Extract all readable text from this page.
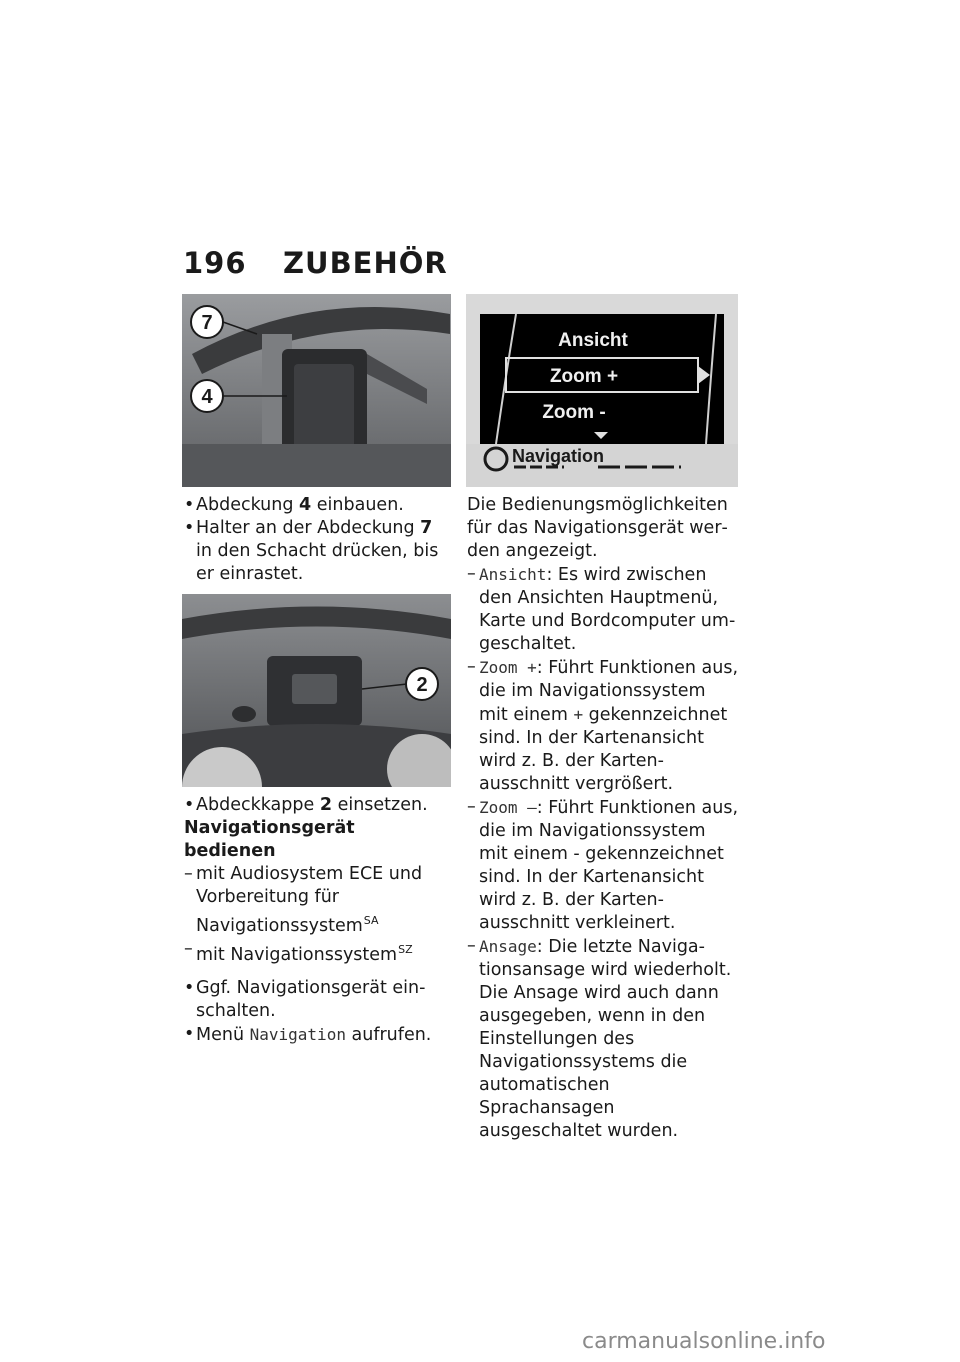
196 ZUBEHÖR
7
4
2
Ansicht
Zoom +
Zoom -
Navigation

• Abdeckung 4 einbauen.

• Halter an der Abdeckung 7 in den Schacht drücken, bis er einrastet.

• Abdeckkappe 2 einsetzen.

Navigationsgerät bedienen

– mit Audiosystem ECE und Vorbereitung für Navigationssystem$^{SA}$

– mit Navigationssystem$^{SZ}$

• Ggf. Navigationsgerät einschalten.

• Menü Navigation aufrufen.

Die Bedienungsmöglichkeiten für das Navigationsgerät werden angezeigt.

– Ansicht: Es wird zwischen den Ansichten Hauptmenü, Karte und Bordcomputer umgeschaltet.

– Zoom +: Führt Funktionen aus, die im Navigationssystem mit einem + gekennzeichnet sind. In der Kartenansicht wird z. B. der Kartenausschnitt vergrößert.

– Zoom –: Führt Funktionen aus, die im Navigationssystem mit einem - gekennzeichnet sind. In der Kartenansicht wird z. B. der Kartenausschnitt verkleinert.

– Ansage: Die letzte Navigationsansage wird wiederholt. Die Ansage wird auch dann ausgegeben, wenn in den Einstellungen des Navigationssystems die automatischen Sprachansagen ausgeschaltet wurden.

carmanualsonline.info
